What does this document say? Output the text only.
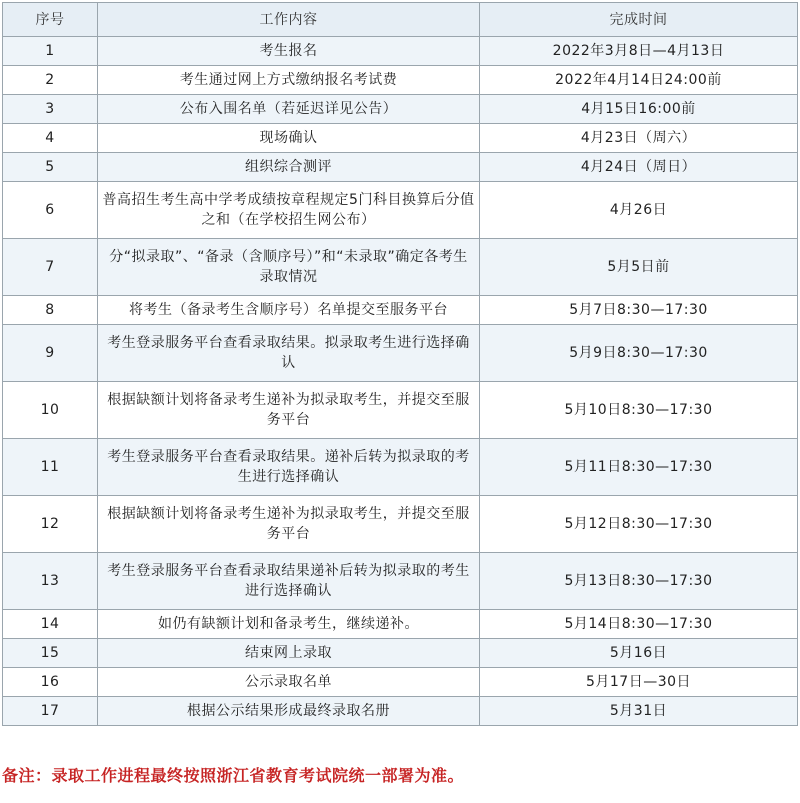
序号	工作内容	完成时间
1	考生报名	2022年3月8日—4月13日
2	考生通过网上方式缴纳报名考试费	2022年4月14日24:00前
3	公布入围名单（若延迟详见公告）	4月15日16:00前
4	现场确认	4月23日（周六）
5	组织综合测评	4月24日（周日）
6	普高招生考生高中学考成绩按章程规定5门科目换算后分值之和（在学校招生网公布）	4月26日
7	分“拟录取”、“备录（含顺序号）”和“未录取”确定各考生录取情况	5月5日前
8	将考生（备录考生含顺序号）名单提交至服务平台	5月7日8:30—17:30
9	考生登录服务平台查看录取结果。拟录取考生进行选择确认	5月9日8:30—17:30
10	根据缺额计划将备录考生递补为拟录取考生，并提交至服务平台	5月10日8:30—17:30
11	考生登录服务平台查看录取结果。递补后转为拟录取的考生进行选择确认	5月11日8:30—17:30
12	根据缺额计划将备录考生递补为拟录取考生，并提交至服务平台	5月12日8:30—17:30
13	考生登录服务平台查看录取结果递补后转为拟录取的考生进行选择确认	5月13日8:30—17:30
14	如仍有缺额计划和备录考生，继续递补。	5月14日8:30—17:30
15	结束网上录取	5月16日
16	公示录取名单	5月17日—30日
17	根据公示结果形成最终录取名册	5月31日
备注：录取工作进程最终按照浙江省教育考试院统一部署为准。
